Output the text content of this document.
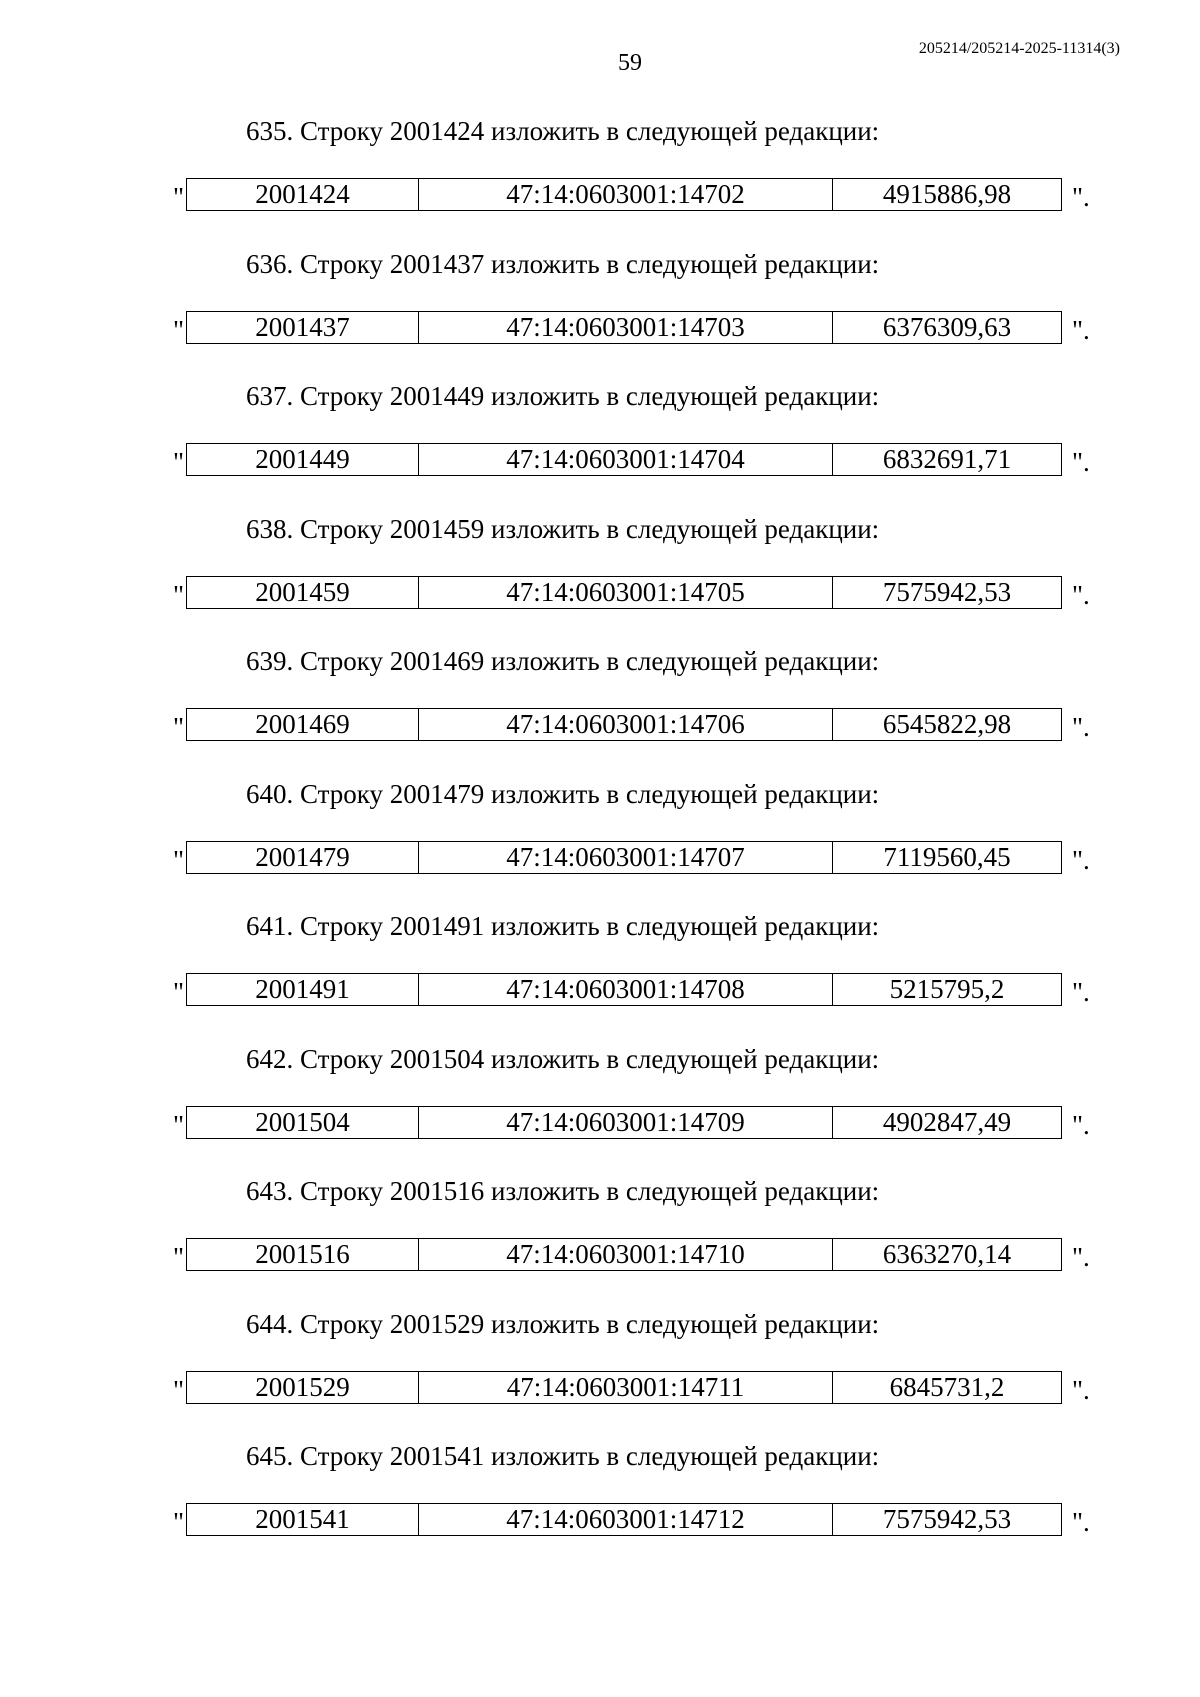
59
205214/205214-2025-11314(3)
635. Строку 2001424 изложить в следующей редакции:
"	2001424	47:14:0603001:14702	4915886,98 ".
636. Строку 2001437 изложить в следующей редакции:
"	2001437	47:14:0603001:14703	6376309,63 ".
637. Строку 2001449 изложить в следующей редакции:
"	2001449	47:14:0603001:14704	6832691,71 ".
638. Строку 2001459 изложить в следующей редакции:
"	2001459	47:14:0603001:14705	7575942,53 ".
639. Строку 2001469 изложить в следующей редакции:
"	2001469	47:14:0603001:14706	6545822,98 ".
640. Строку 2001479 изложить в следующей редакции:
"	2001479	47:14:0603001:14707	7119560,45 ".
641. Строку 2001491 изложить в следующей редакции:
"	2001491	47:14:0603001:14708	5215795,2	".
642. Строку 2001504 изложить в следующей редакции:
"	2001504	47:14:0603001:14709	4902847,49 ".
643. Строку 2001516 изложить в следующей редакции:
"	2001516	47:14:0603001:14710	6363270,14 ".
644. Строку 2001529 изложить в следующей редакции:
"	2001529	47:14:0603001:14711	6845731,2	".
645. Строку 2001541 изложить в следующей редакции:
"	2001541	47:14:0603001:14712	7575942,53 ".
